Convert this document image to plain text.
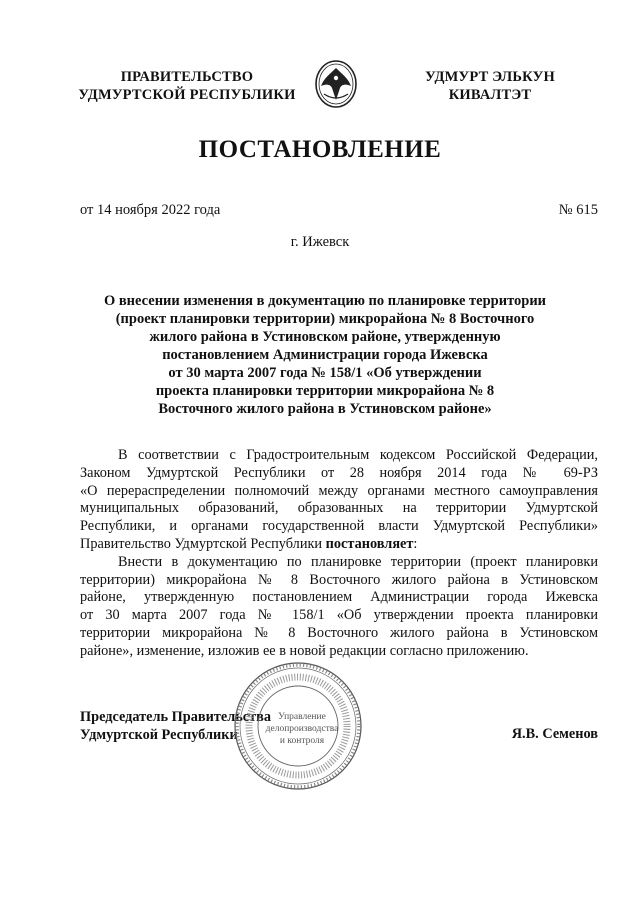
ПРАВИТЕЛЬСТВО
УДМУРТСКОЙ РЕСПУБЛИКИ
УДМУРТ ЭЛЬКУН
КИВАЛТЭТ
ПОСТАНОВЛЕНИЕ
от 14 ноября 2022 года	№ 615
г. Ижевск
О внесении изменения в документацию по планировке территории
(проект планировки территории) микрорайона № 8 Восточного
жилого района в Устиновском районе, утвержденную
постановлением Администрации города Ижевска
от 30 марта 2007 года № 158/1 «Об утверждении
проекта планировки территории микрорайона № 8
Восточного жилого района в Устиновском районе»
В соответствии с Градостроительным кодексом Российской Федерации,
Законом Удмуртской Республики от 28 ноября 2014 года № 69-РЗ
«О перераспределении полномочий между органами местного самоуправления
муниципальных образований, образованных на территории Удмуртской
Республики, и органами государственной власти Удмуртской Республики»
Правительство Удмуртской Республики постановляет:
Внести в документацию по планировке территории (проект планировки
территории) микрорайона № 8 Восточного жилого района в Устиновском
районе, утвержденную постановлением Администрации города Ижевска
от 30 марта 2007 года № 158/1 «Об утверждении проекта планировки
территории микрорайона № 8 Восточного жилого района в Устиновском
районе», изменение, изложив ее в новой редакции согласно приложению.
Председатель Правительства
Удмуртской Республики	Я.В. Семенов
Управление
делопроизводства
и контроля
